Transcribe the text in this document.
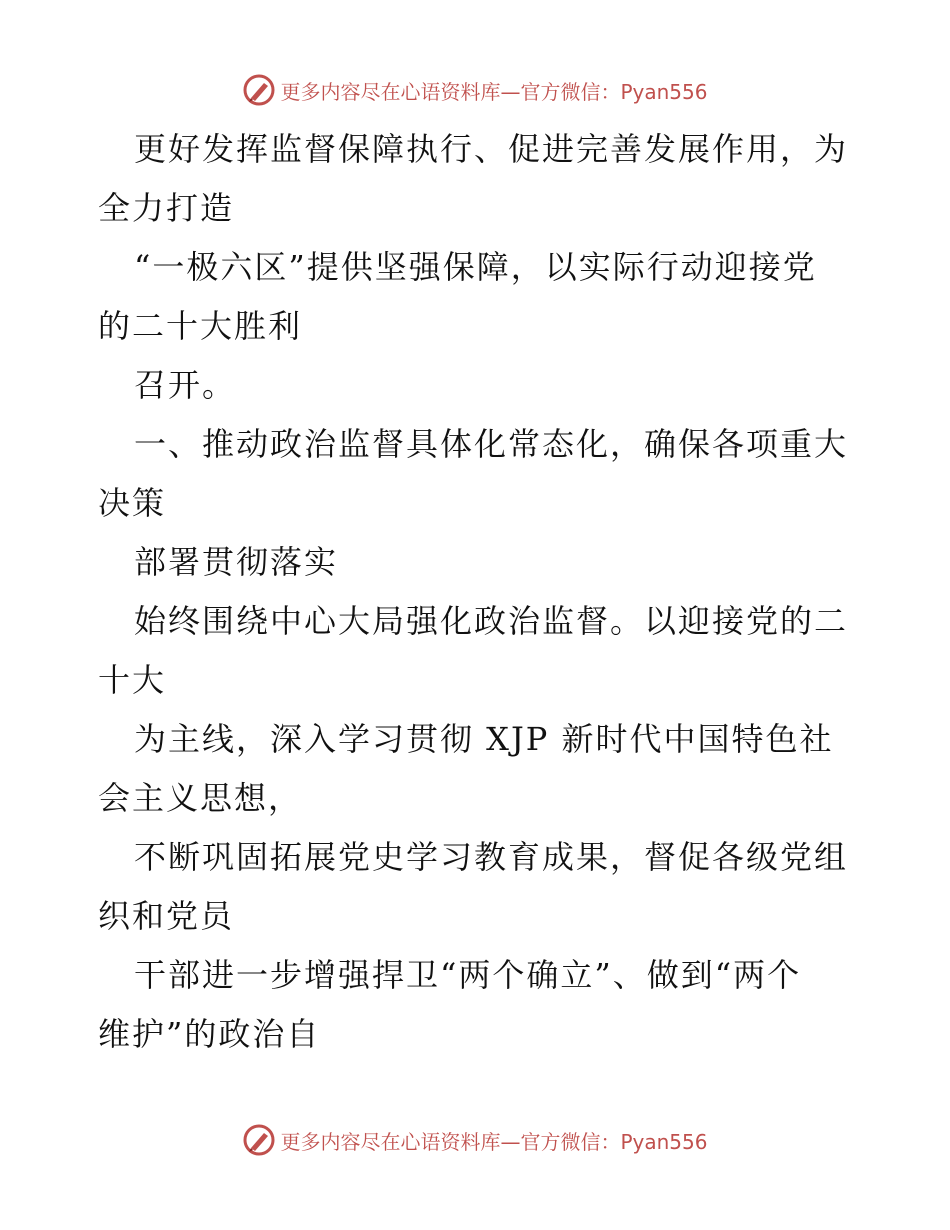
更多内容尽在心语资料库—官方微信：Pyan556
更好发挥监督保障执行、促进完善发展作用，为
全力打造
“一极六区”提供坚强保障，以实际行动迎接党
的二十大胜利
召开。
一、推动政治监督具体化常态化，确保各项重大
决策
部署贯彻落实
始终围绕中心大局强化政治监督。以迎接党的二
十大
为主线，深入学习贯彻 XJP 新时代中国特色社
会主义思想，
不断巩固拓展党史学习教育成果，督促各级党组
织和党员
干部进一步增强捍卫“两个确立”、做到“两个
维护”的政治自
更多内容尽在心语资料库—官方微信：Pyan556
